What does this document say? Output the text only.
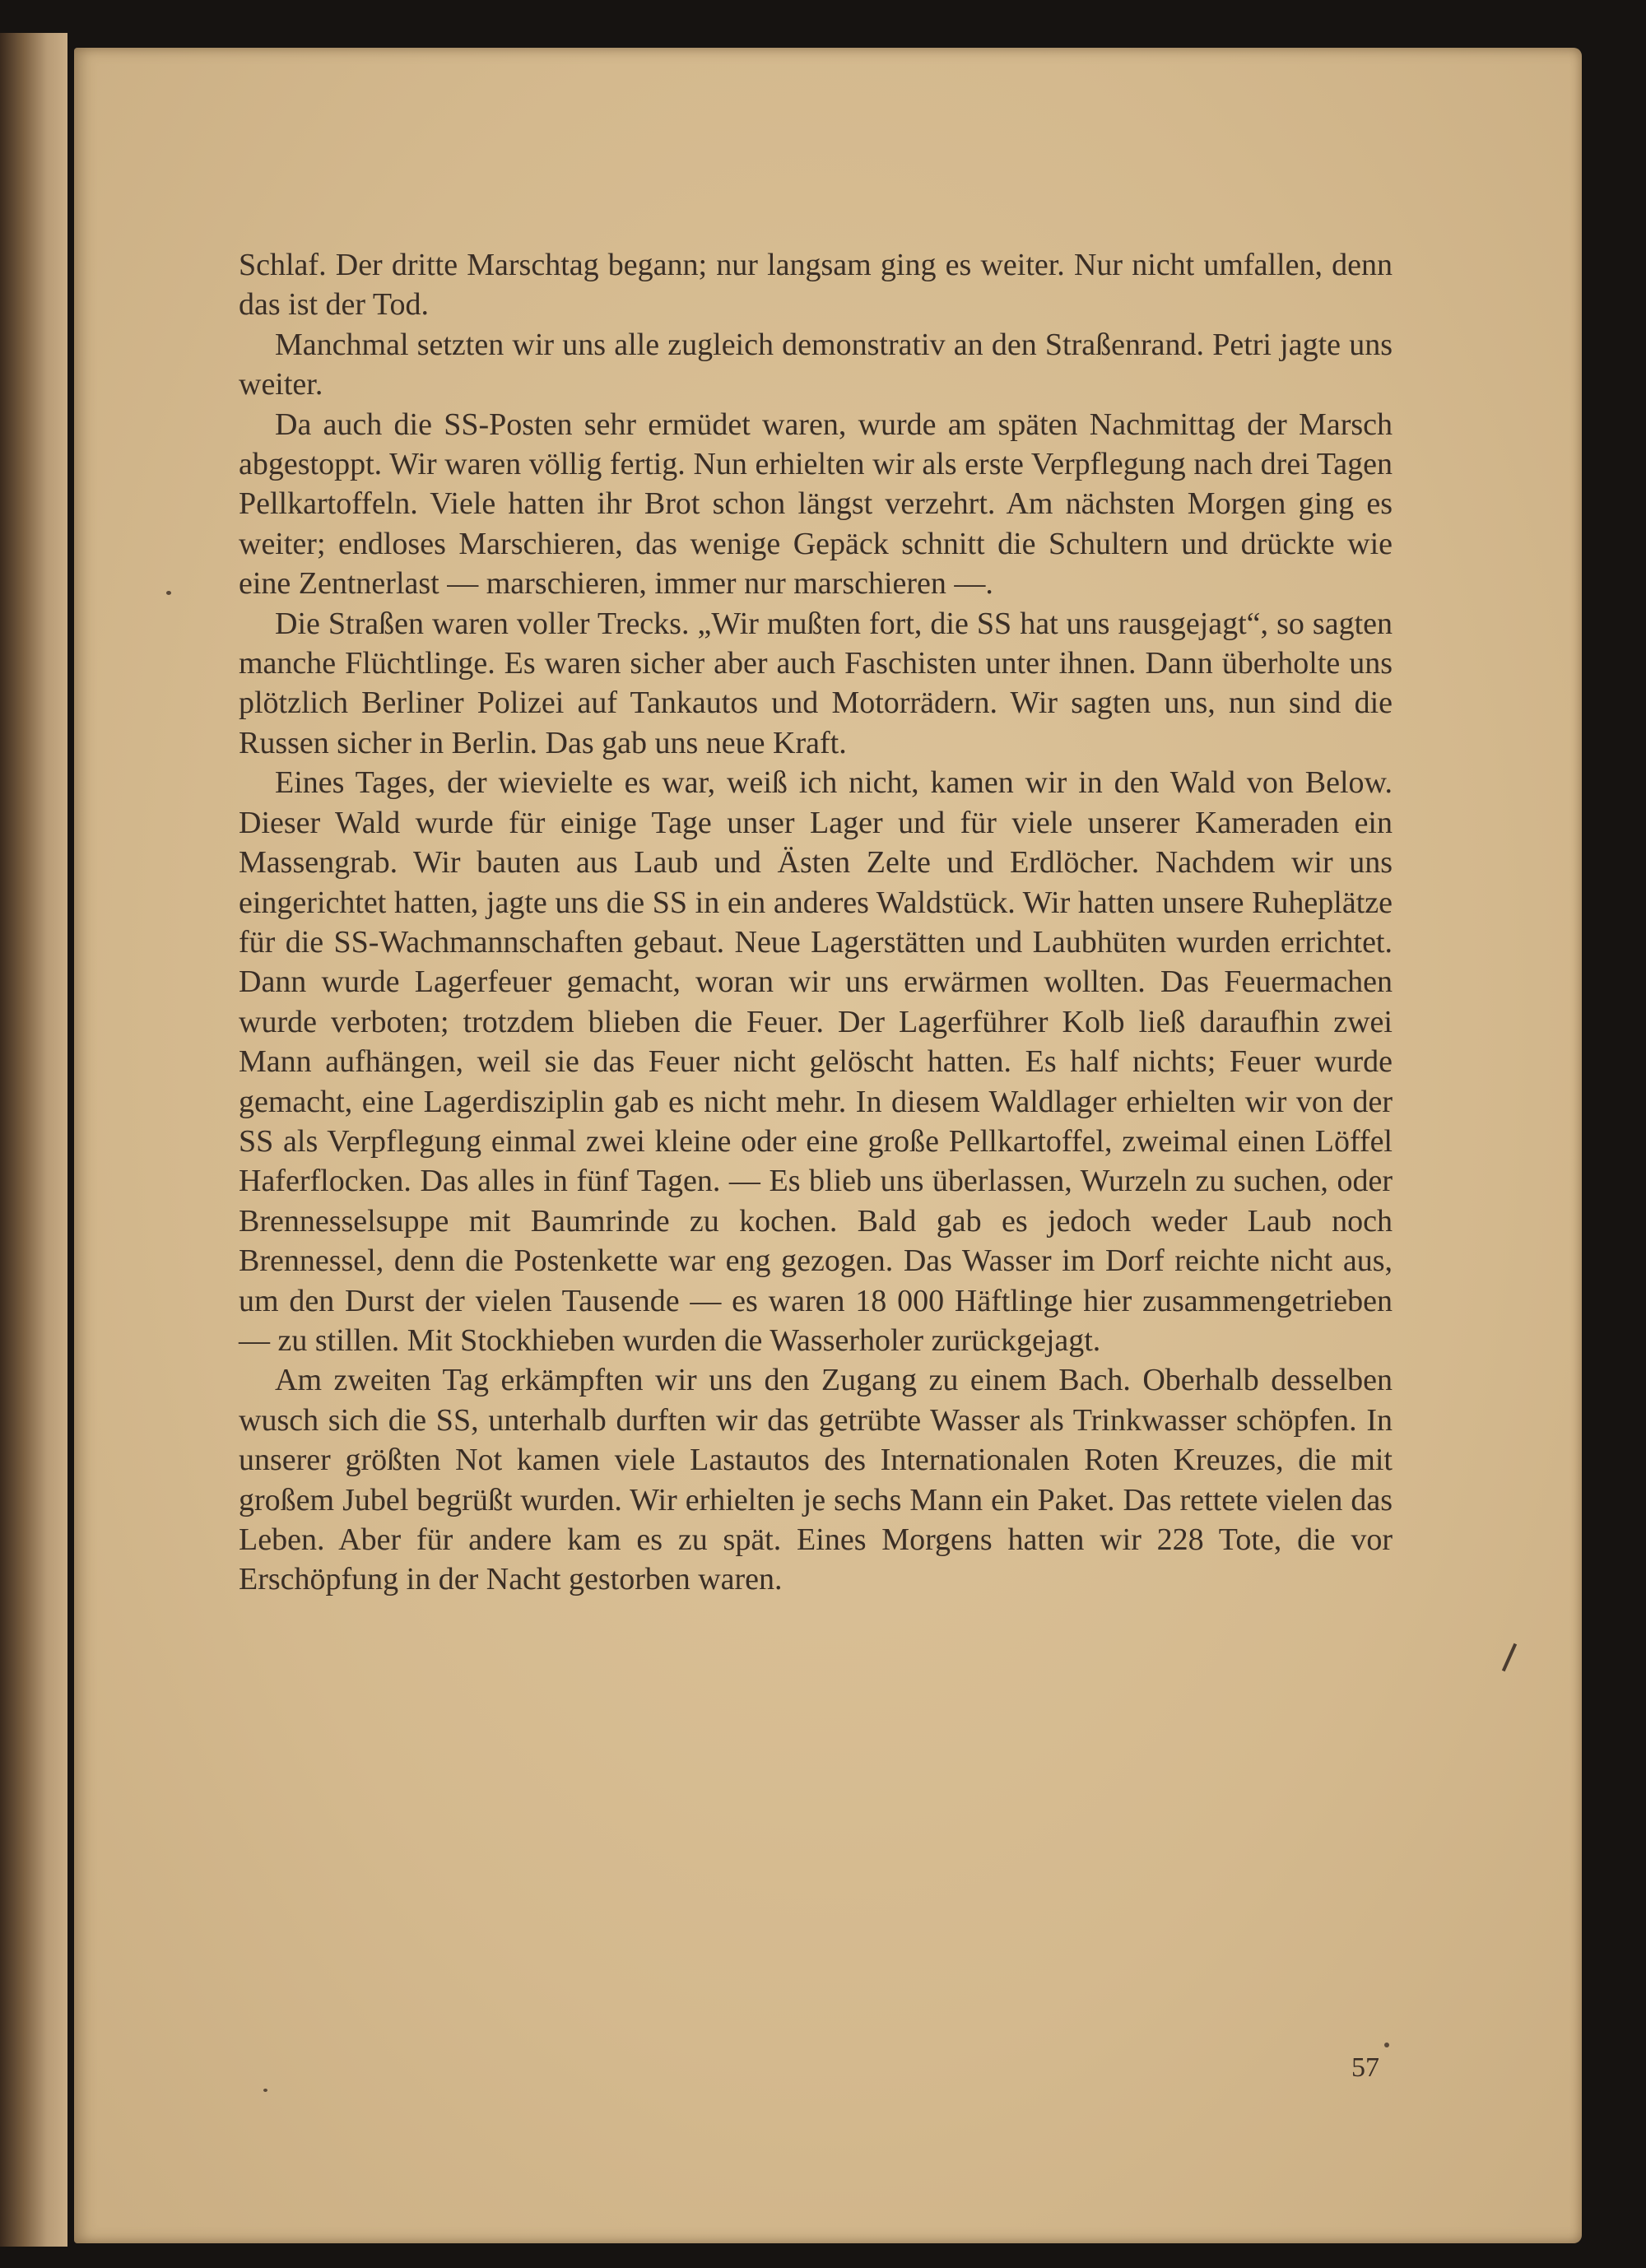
Schlaf. Der dritte Marschtag begann; nur langsam ging es weiter. Nur nicht umfallen, denn das ist der Tod.

Manchmal setzten wir uns alle zugleich demonstrativ an den Straßenrand. Petri jagte uns weiter.

Da auch die SS-Posten sehr ermüdet waren, wurde am späten Nachmittag der Marsch abgestoppt. Wir waren völlig fertig. Nun erhielten wir als erste Verpflegung nach drei Tagen Pellkartoffeln. Viele hatten ihr Brot schon längst verzehrt. Am nächsten Morgen ging es weiter; endloses Marschieren, das wenige Gepäck schnitt die Schultern und drückte wie eine Zentnerlast — marschieren, immer nur marschieren —.

Die Straßen waren voller Trecks. „Wir mußten fort, die SS hat uns rausgejagt“, so sagten manche Flüchtlinge. Es waren sicher aber auch Faschisten unter ihnen. Dann überholte uns plötzlich Berliner Polizei auf Tankautos und Motorrädern. Wir sagten uns, nun sind die Russen sicher in Berlin. Das gab uns neue Kraft.

Eines Tages, der wievielte es war, weiß ich nicht, kamen wir in den Wald von Below. Dieser Wald wurde für einige Tage unser Lager und für viele unserer Kameraden ein Massengrab. Wir bauten aus Laub und Ästen Zelte und Erdlöcher. Nachdem wir uns eingerichtet hatten, jagte uns die SS in ein anderes Waldstück. Wir hatten unsere Ruheplätze für die SS-Wachmannschaften gebaut. Neue Lagerstätten und Laubhüten wurden errichtet. Dann wurde Lagerfeuer gemacht, woran wir uns erwärmen wollten. Das Feuermachen wurde verboten; trotzdem blieben die Feuer. Der Lagerführer Kolb ließ daraufhin zwei Mann aufhängen, weil sie das Feuer nicht gelöscht hatten. Es half nichts; Feuer wurde gemacht, eine Lagerdisziplin gab es nicht mehr. In diesem Waldlager erhielten wir von der SS als Verpflegung einmal zwei kleine oder eine große Pellkartoffel, zweimal einen Löffel Haferflocken. Das alles in fünf Tagen. — Es blieb uns überlassen, Wurzeln zu suchen, oder Brennesselsuppe mit Baumrinde zu kochen. Bald gab es jedoch weder Laub noch Brennessel, denn die Postenkette war eng gezogen. Das Wasser im Dorf reichte nicht aus, um den Durst der vielen Tausende — es waren 18 000 Häftlinge hier zusammengetrieben — zu stillen. Mit Stockhieben wurden die Wasserholer zurückgejagt.

Am zweiten Tag erkämpften wir uns den Zugang zu einem Bach. Oberhalb desselben wusch sich die SS, unterhalb durften wir das getrübte Wasser als Trinkwasser schöpfen. In unserer größten Not kamen viele Lastautos des Internationalen Roten Kreuzes, die mit großem Jubel begrüßt wurden. Wir erhielten je sechs Mann ein Paket. Das rettete vielen das Leben. Aber für andere kam es zu spät. Eines Morgens hatten wir 228 Tote, die vor Erschöpfung in der Nacht gestorben waren.

57
